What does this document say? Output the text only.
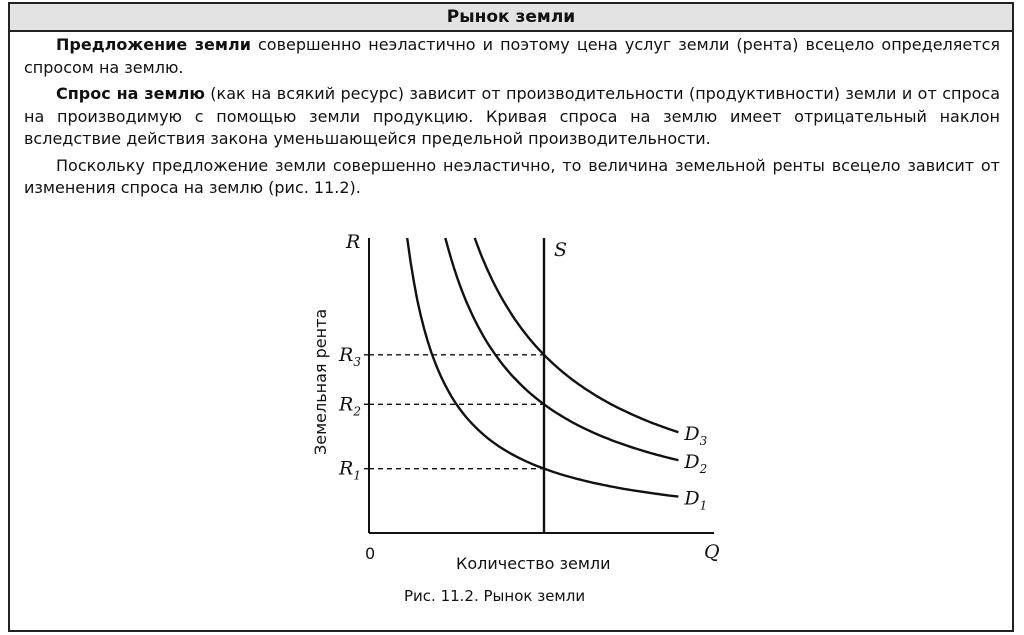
Рынок земли

Предложение земли совершенно неэластично и поэтому цена услуг земли (рента) всецело определяется спросом на землю.

Спрос на землю (как на всякий ресурс) зависит от производительности (продуктивности) земли и от спроса на производимую с помощью земли продукцию. Кривая спроса на землю имеет отрицательный наклон вследствие действия закона уменьшающейся предельной производительности.

Поскольку предложение земли совершенно неэластично, то величина земельной ренты всецело зависит от изменения спроса на землю (рис. 11.2).

R
Q
0
Земельная рента
Количество земли
Рис. 11.2. Рынок земли
$R_1$
$R_2$
$R_3$
$D_1$
$D_2$
$D_3$
S
